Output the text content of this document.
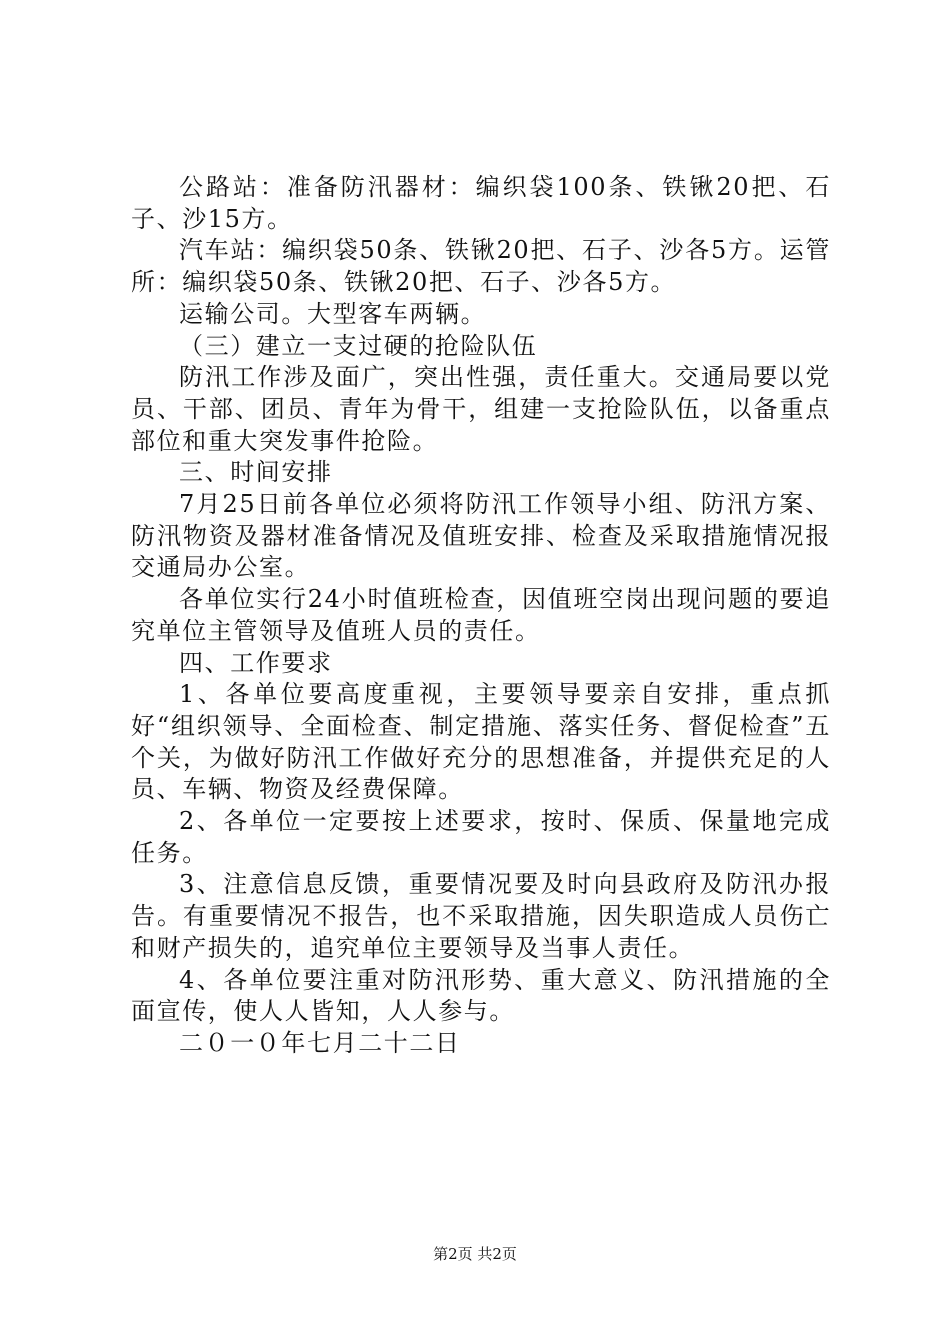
公路站：准备防汛器材：编织袋100条、铁锹20把、石子、沙15方。

汽车站：编织袋50条、铁锹20把、石子、沙各5方。运管所：编织袋50条、铁锹20把、石子、沙各5方。

运输公司。大型客车两辆。

（三）建立一支过硬的抢险队伍

防汛工作涉及面广，突出性强，责任重大。交通局要以党员、干部、团员、青年为骨干，组建一支抢险队伍，以备重点部位和重大突发事件抢险。

三、时间安排

7月25日前各单位必须将防汛工作领导小组、防汛方案、防汛物资及器材准备情况及值班安排、检查及采取措施情况报交通局办公室。

各单位实行24小时值班检查，因值班空岗出现问题的要追究单位主管领导及值班人员的责任。

四、工作要求

1、各单位要高度重视，主要领导要亲自安排，重点抓好“组织领导、全面检查、制定措施、落实任务、督促检查”五个关，为做好防汛工作做好充分的思想准备，并提供充足的人员、车辆、物资及经费保障。

2、各单位一定要按上述要求，按时、保质、保量地完成任务。

3、注意信息反馈，重要情况要及时向县政府及防汛办报告。有重要情况不报告，也不采取措施，因失职造成人员伤亡和财产损失的，追究单位主要领导及当事人责任。

4、各单位要注重对防汛形势、重大意义、防汛措施的全面宣传，使人人皆知，人人参与。

二０一０年七月二十二日

第2页 共2页
